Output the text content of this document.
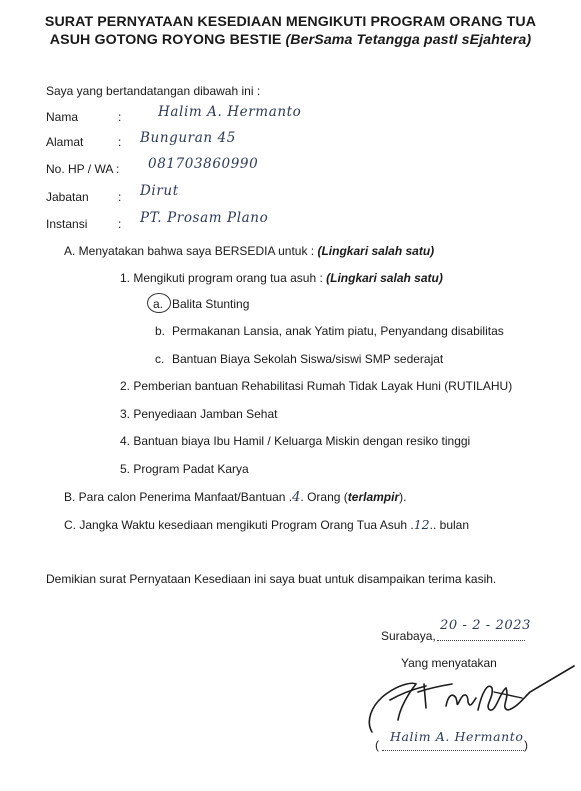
SURAT PERNYATAAN KESEDIAAN MENGIKUTI PROGRAM ORANG TUA
ASUH GOTONG ROYONG BESTIE (BerSama Tetangga pastI sEjahtera)
Saya yang bertandatangan dibawah ini :
Nama	:	Halim A. Hermanto
Alamat	: Bunguran 45
No. HP / WA : 081703860990
Jabatan : Dirut
Instansi	: PT. Prosam Plano
A. Menyatakan bahwa saya BERSEDIA untuk : (Lingkari salah satu)
1. Mengikuti program orang tua asuh : (Lingkari salah satu)
a. Balita Stunting
b. Permakanan Lansia, anak Yatim piatu, Penyandang disabilitas
c. Bantuan Biaya Sekolah Siswa/siswi SMP sederajat
2. Pemberian bantuan Rehabilitasi Rumah Tidak Layak Huni (RUTILAHU)
3. Penyediaan Jamban Sehat
4. Bantuan biaya Ibu Hamil / Keluarga Miskin dengan resiko tinggi
5. Program Padat Karya
B. Para calon Penerima Manfaat/Bantuan .4. Orang (terlampir).
C. Jangka Waktu kesediaan mengikuti Program Orang Tua Asuh .12.. bulan
Demikian surat Pernyataan Kesediaan ini saya buat untuk disampaikan terima kasih.
Surabaya,
20 - 2 - 2023
Yang menyatakan
(
Halim A. Hermanto
)
